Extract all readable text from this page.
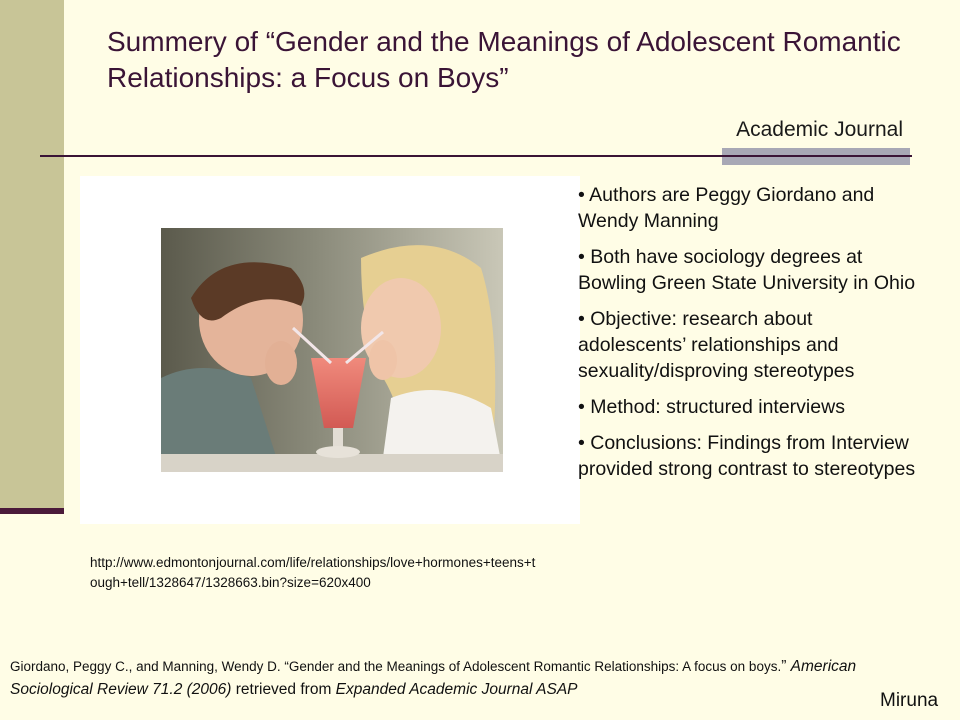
Summery of “Gender and the Meanings of Adolescent Romantic Relationships: a Focus on Boys”
Academic Journal
http://www.edmontonjournal.com/life/relationships/love+hormones+teens+tough+tell/1328647/1328663.bin?size=620x400
• Authors are Peggy Giordano and Wendy Manning
• Both have sociology degrees at Bowling Green State University in Ohio
• Objective: research about adolescents’ relationships and sexuality/disproving stereotypes
• Method: structured interviews
• Conclusions: Findings from Interview provided strong contrast to stereotypes
Giordano, Peggy C., and Manning, Wendy D. “Gender and the Meanings of Adolescent Romantic Relationships: A focus on boys.” American Sociological Review 71.2 (2006) retrieved from Expanded Academic Journal ASAP
Miruna
